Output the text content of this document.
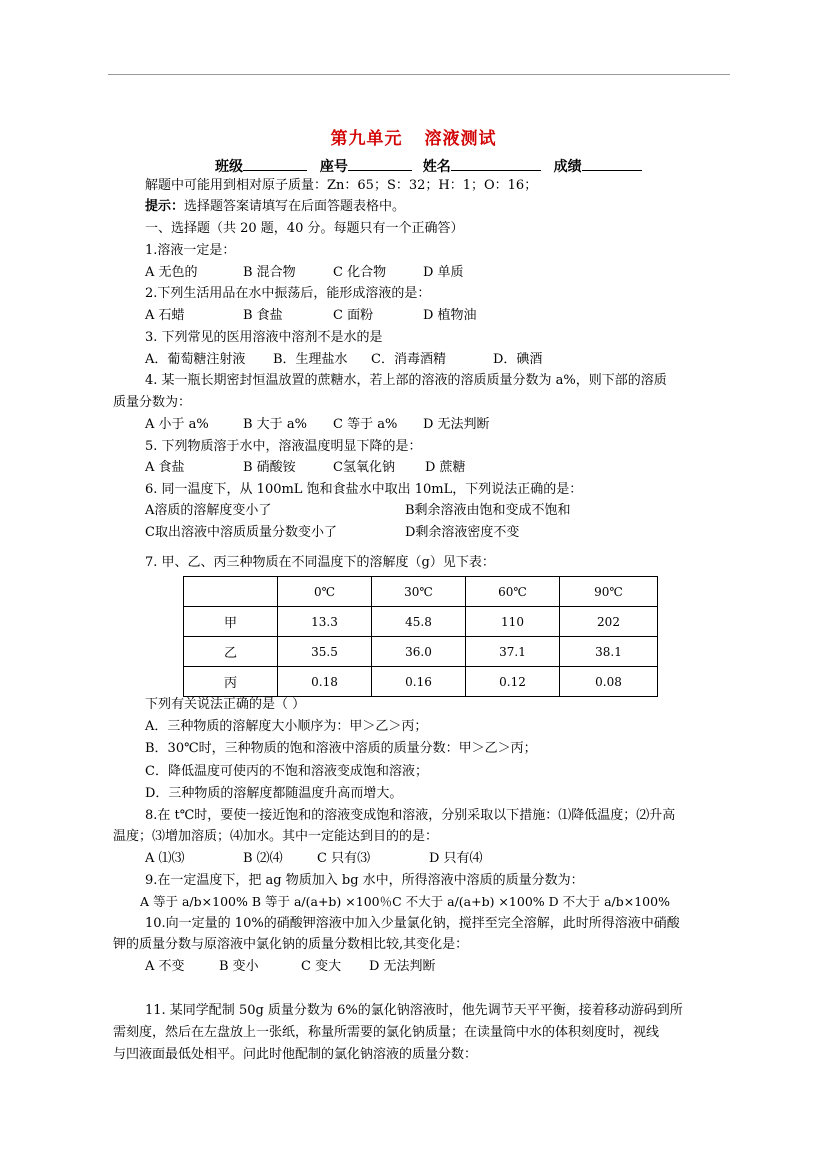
第九单元 溶液测试
班级	座号	姓名	成绩
解题中可能用到相对原子质量：Zn：65；S：32；H：1；O：16；
提示：选择题答案请填写在后面答题表格中。
一、选择题（共 20 题，40 分。每题只有一个正确答）
1.溶液一定是：
A 无色的	B 混合物	C 化合物	D 单质
2.下列生活用品在水中振荡后，能形成溶液的是：
A 石蜡	B 食盐	C 面粉	D 植物油
3. 下列常见的医用溶液中溶剂不是水的是
A．葡萄糖注射液 B．生理盐水 C．消毒酒精	D．碘酒
4. 某一瓶长期密封恒温放置的蔗糖水，若上部的溶液的溶质质量分数为 a%，则下部的溶质
质量分数为：
A 小于 a%	B 大于 a% C 等于 a% D 无法判断
5. 下列物质溶于水中，溶液温度明显下降的是：
A 食盐	B 硝酸铵	C氢氧化钠 D 蔗糖
6. 同一温度下，从 100mL 饱和食盐水中取出 10mL，下列说法正确的是：
A溶质的溶解度变小了	B剩余溶液由饱和变成不饱和
C取出溶液中溶质质量分数变小了	D剩余溶液密度不变
7. 甲、乙、丙三种物质在不同温度下的溶解度（g）见下表：
	0℃	30℃	60℃	90℃
甲	13.3	45.8	110	202
乙	35.5	36.0	37.1	38.1
丙	0.18	0.16	0.12	0.08
下列有关说法正确的是（ ）
A．三种物质的溶解度大小顺序为：甲＞乙＞丙；
B．30℃时，三种物质的饱和溶液中溶质的质量分数：甲＞乙＞丙；
C．降低温度可使丙的不饱和溶液变成饱和溶液；
D．三种物质的溶解度都随温度升高而增大。
8.在 t℃时，要使一接近饱和的溶液变成饱和溶液，分别采取以下措施：⑴降低温度；⑵升高
温度；⑶增加溶质；⑷加水。其中一定能达到目的的是：
A ⑴⑶	B ⑵⑷	C 只有⑶	D 只有⑷
9.在一定温度下，把 ag 物质加入 bg 水中，所得溶液中溶质的质量分数为：
A 等于 a/b×100% B 等于 a/(a+b) ×100％C 不大于 a/(a+b) ×100% D 不大于 a/b×100%
10.向一定量的 10%的硝酸钾溶液中加入少量氯化钠，搅拌至完全溶解，此时所得溶液中硝酸
钾的质量分数与原溶液中氯化钠的质量分数相比较,其变化是：
A 不变	B 变小	C 变大 D 无法判断
11. 某同学配制 50g 质量分数为 6%的氯化钠溶液时，他先调节天平平衡，接着移动游码到所
需刻度，然后在左盘放上一张纸，称量所需要的氯化钠质量；在读量筒中水的体积刻度时，视线
与凹液面最低处相平。问此时他配制的氯化钠溶液的质量分数：
